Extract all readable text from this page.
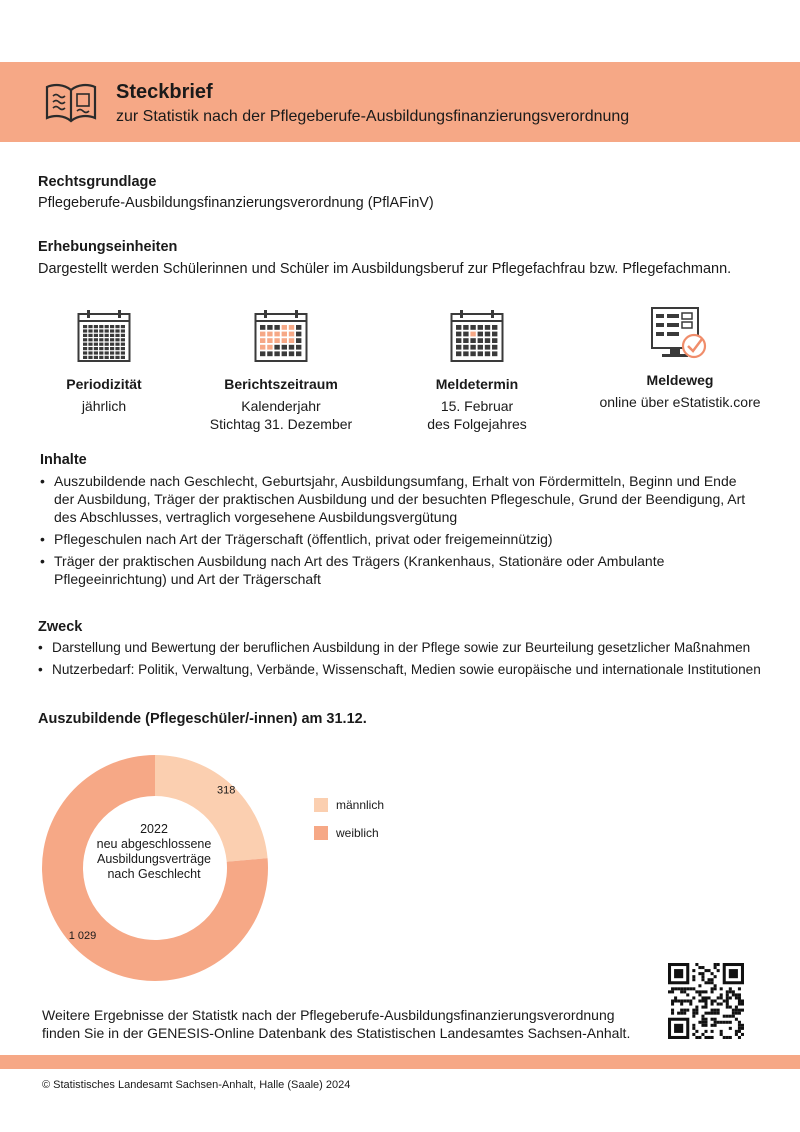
Steckbrief
zur Statistik nach der Pflegeberufe-Ausbildungsfinanzierungsverordnung
Rechtsgrundlage
Pflegeberufe-Ausbildungsfinanzierungsverordnung (PflAFinV)
Erhebungseinheiten
Dargestellt werden Schülerinnen und Schüler im Ausbildungsberuf zur Pflegefachfrau bzw. Pflegefachmann.
Periodizität
jährlich
Berichtszeitraum
Kalenderjahr
Stichtag 31. Dezember
Meldetermin
15. Februar
des Folgejahres
Meldeweg
online über eStatistik.core
Inhalte
• Auszubildende nach Geschlecht, Geburtsjahr, Ausbildungsumfang, Erhalt von Fördermitteln, Beginn und Ende der Ausbildung, Träger der praktischen Ausbildung und der besuchten Pflegeschule, Grund der Beendigung, Art des Abschlusses, vertraglich vorgesehene Ausbildungsvergütung
• Pflegeschulen nach Art der Trägerschaft (öffentlich, privat oder freigemeinnützig)
• Träger der praktischen Ausbildung nach Art des Trägers (Krankenhaus, Stationäre oder Ambulante Pflegeeinrichtung) und Art der Trägerschaft
Zweck
• Darstellung und Bewertung der beruflichen Ausbildung in der Pflege sowie zur Beurteilung gesetzlicher Maßnahmen
• Nutzerbedarf: Politik, Verwaltung, Verbände, Wissenschaft, Medien sowie europäische und internationale Institutionen
Auszubildende (Pflegeschüler/-innen) am 31.12.
318
1 029
2022
neu abgeschlossene
Ausbildungsverträge
nach Geschlecht
männlich
weiblich
Weitere Ergebnisse der Statistk nach der Pflegeberufe-Ausbildungsfinanzierungsverordnung
finden Sie in der GENESIS-Online Datenbank des Statistischen Landesamtes Sachsen-Anhalt.
© Statistisches Landesamt Sachsen-Anhalt, Halle (Saale) 2024
